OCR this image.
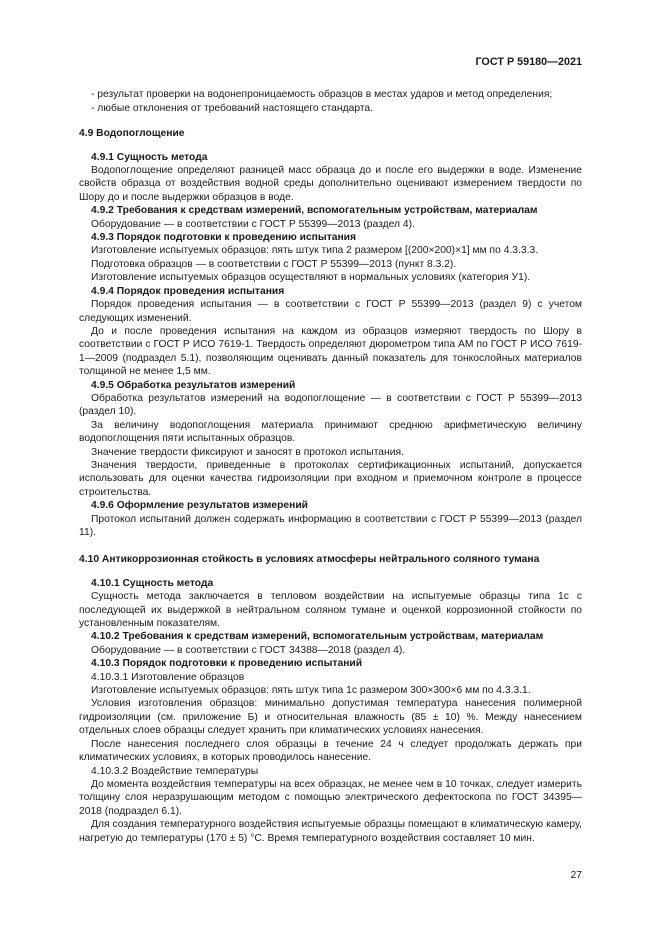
ГОСТ Р 59180—2021

- результат проверки на водонепроницаемость образцов в местах ударов и метод определения;

- любые отклонения от требований настоящего стандарта.

4.9 Водопоглощение

4.9.1 Сущность метода

Водопоглощение определяют разницей масс образца до и после его выдержки в воде. Изменение свойств образца от воздействия водной среды дополнительно оценивают измерением твердости по Шору до и после выдержки образцов в воде.

4.9.2 Требования к средствам измерений, вспомогательным устройствам, материалам

Оборудование — в соответствии с ГОСТ Р 55399—2013 (раздел 4).

4.9.3 Порядок подготовки к проведению испытания

Изготовление испытуемых образцов: пять штук типа 2 размером [(200×200)×1] мм по 4.3.3.3.

Подготовка образцов — в соответствии с ГОСТ Р 55399—2013 (пункт 8.3.2).

Изготовление испытуемых образцов осуществляют в нормальных условиях (категория У1).

4.9.4 Порядок проведения испытания

Порядок проведения испытания — в соответствии с ГОСТ Р 55399—2013 (раздел 9) с учетом следующих изменений.

До и после проведения испытания на каждом из образцов измеряют твердость по Шору в соответствии с ГОСТ Р ИСО 7619-1. Твердость определяют дюрометром типа АМ по ГОСТ Р ИСО 7619-1—2009 (подраздел 5.1), позволяющим оценивать данный показатель для тонкослойных материалов толщиной не менее 1,5 мм.

4.9.5 Обработка результатов измерений

Обработка результатов измерений на водопоглощение — в соответствии с ГОСТ Р 55399—2013 (раздел 10).

За величину водопоглощения материала принимают среднюю арифметическую величину водопоглощения пяти испытанных образцов.

Значение твердости фиксируют и заносят в протокол испытания.

Значения твердости, приведенные в протоколах сертификационных испытаний, допускается использовать для оценки качества гидроизоляции при входном и приемочном контроле в процессе строительства.

4.9.6 Оформление результатов измерений

Протокол испытаний должен содержать информацию в соответствии с ГОСТ Р 55399—2013 (раздел 11).

4.10 Антикоррозионная стойкость в условиях атмосферы нейтрального соляного тумана

4.10.1 Сущность метода

Сущность метода заключается в тепловом воздействии на испытуемые образцы типа 1с с последующей их выдержкой в нейтральном соляном тумане и оценкой коррозионной стойкости по установленным показателям.

4.10.2 Требования к средствам измерений, вспомогательным устройствам, материалам

Оборудование — в соответствии с ГОСТ 34388—2018 (раздел 4).

4.10.3 Порядок подготовки к проведению испытаний

4.10.3.1 Изготовление образцов

Изготовление испытуемых образцов: пять штук типа 1с размером 300×300×6 мм по 4.3.3.1.

Условия изготовления образцов: минимально допустимая температура нанесения полимерной гидроизоляции (см. приложение Б) и относительная влажность (85 ± 10) %. Между нанесением отдельных слоев образцы следует хранить при климатических условиях нанесения.

После нанесения последнего слоя образцы в течение 24 ч следует продолжать держать при климатических условиях, в которых проводилось нанесение.

4.10.3.2 Воздействие температуры

До момента воздействия температуры на всех образцах, не менее чем в 10 точках, следует измерить толщину слоя неразрушающим методом с помощью электрического дефектоскопа по ГОСТ 34395—2018 (подраздел 6.1).

Для создания температурного воздействия испытуемые образцы помещают в климатическую камеру, нагретую до температуры (170 ± 5) °С. Время температурного воздействия составляет 10 мин.

27
